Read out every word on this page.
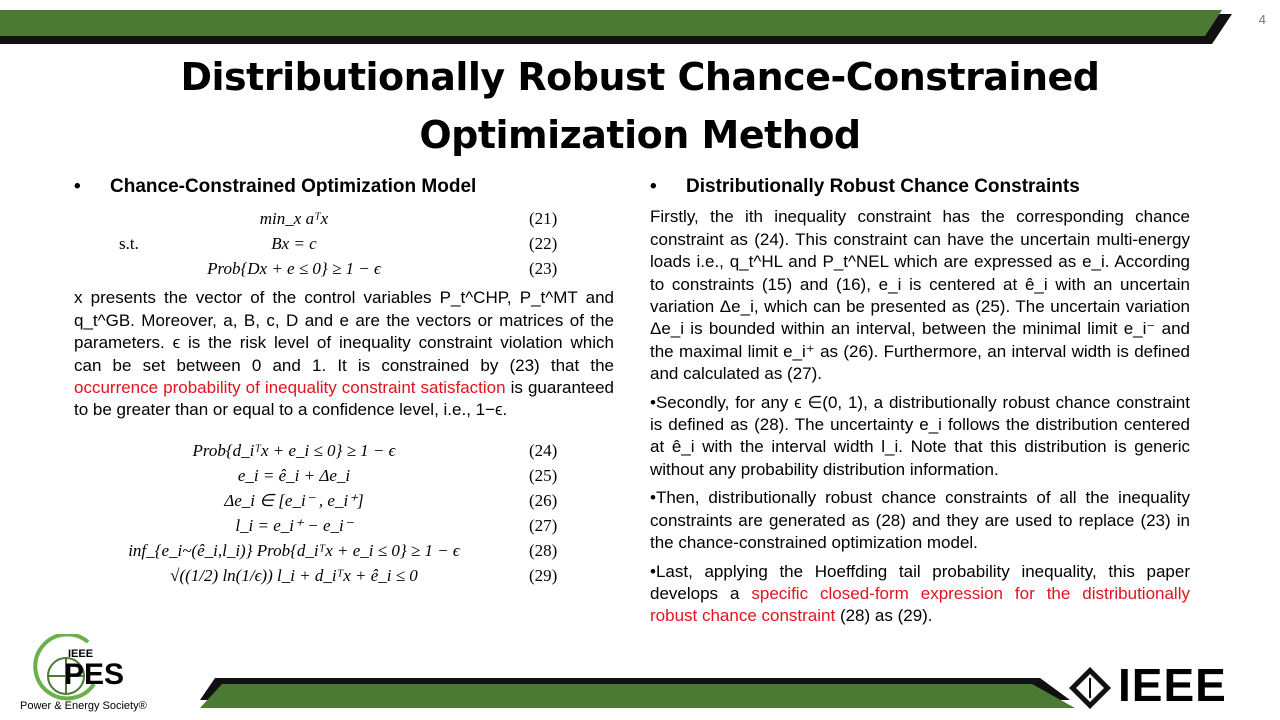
4
Distributionally Robust Chance-Constrained
Optimization Method
• Chance-Constrained Optimization Model
min_x aᵀx	(21)
s.t.	Bx = c	(22)
Prob{Dx + e ≤ 0} ≥ 1 − ϵ	(23)

x presents the vector of the control variables P_t^CHP, P_t^MT and q_t^GB. Moreover, a, B, c, D and e are the vectors or matrices of the parameters. ϵ is the risk level of inequality constraint violation which can be set between 0 and 1. It is constrained by (23) that the occurrence probability of inequality constraint satisfaction is guaranteed to be greater than or equal to a confidence level, i.e., 1−ϵ.

Prob{d_iᵀx + e_i ≤ 0} ≥ 1 − ϵ	(24)
e_i = ê_i + Δe_i	(25)
Δe_i ∈ [e_i⁻ , e_i⁺]	(26)
l_i = e_i⁺ − e_i⁻	(27)
inf_{e_i~(ê_i,l_i)} Prob{d_iᵀx + e_i ≤ 0} ≥ 1 − ϵ	(28)
√((1/2) ln(1/ϵ)) l_i + d_iᵀx + ê_i ≤ 0	(29)
• Distributionally Robust Chance Constraints

Firstly, the ith inequality constraint has the corresponding chance constraint as (24). This constraint can have the uncertain multi-energy loads i.e., q_t^HL and P_t^NEL which are expressed as e_i. According to constraints (15) and (16), e_i is centered at ê_i with an uncertain variation Δe_i, which can be presented as (25). The uncertain variation Δe_i is bounded within an interval, between the minimal limit e_i⁻ and the maximal limit e_i⁺ as (26). Furthermore, an interval width is defined and calculated as (27).

•Secondly, for any ϵ ∈(0, 1), a distributionally robust chance constraint is defined as (28). The uncertainty e_i follows the distribution centered at ê_i with the interval width l_i. Note that this distribution is generic without any probability distribution information.

•Then, distributionally robust chance constraints of all the inequality constraints are generated as (28) and they are used to replace (23) in the chance-constrained optimization model.

•Last, applying the Hoeffding tail probability inequality, this paper develops a specific closed-form expression for the distributionally robust chance constraint (28) as (29).

IEEE
PES
Power & Energy Society®	IEEE
